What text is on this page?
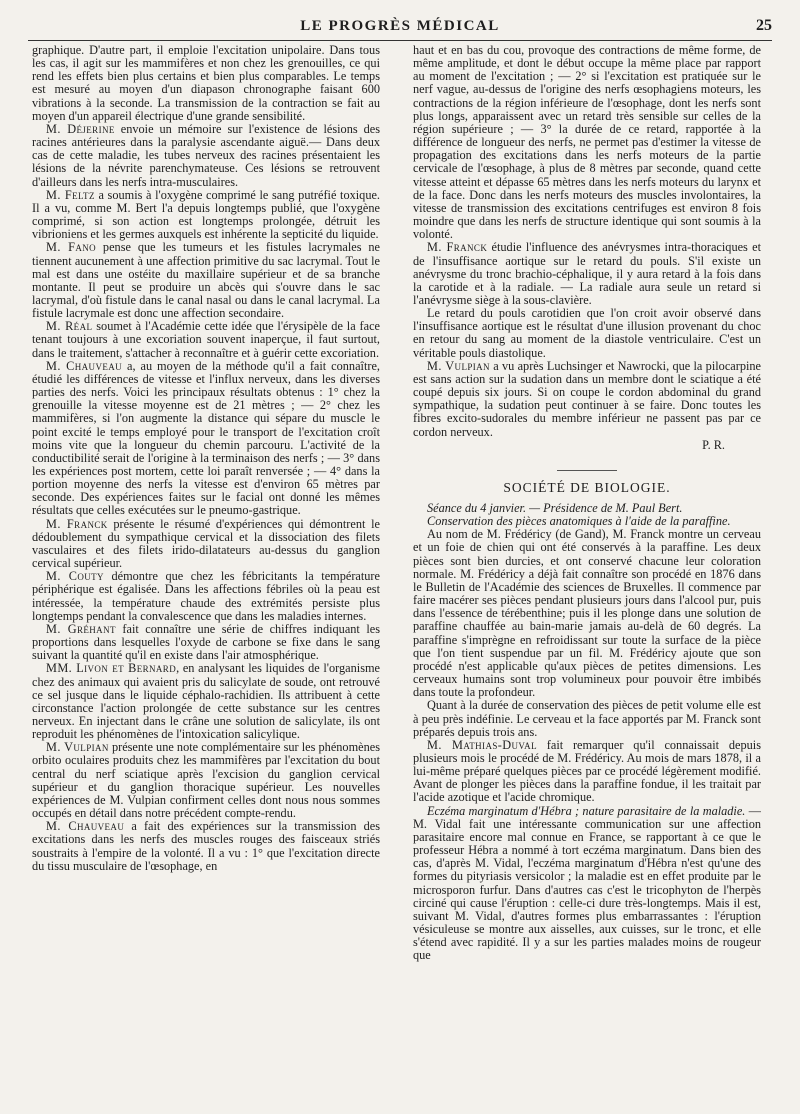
LE PROGRÈS MÉDICAL	25

graphique. D'autre part, il emploie l'excitation unipolaire. Dans tous les cas, il agit sur les mammifères et non chez les grenouilles, ce qui rend les effets bien plus certains et bien plus comparables. Le temps est mesuré au moyen d'un diapason chronographe faisant 600 vibrations à la seconde. La transmission de la contraction se fait au moyen d'un appareil électrique d'une grande sensibilité.

M. Déjerine envoie un mémoire sur l'existence de lésions des racines antérieures dans la paralysie ascendante aiguë.— Dans deux cas de cette maladie, les tubes nerveux des racines présentaient les lésions de la névrite parenchymateuse. Ces lésions se retrouvent d'ailleurs dans les nerfs intra-musculaires.

M. Feltz a soumis à l'oxygène comprimé le sang putréfié toxique. Il a vu, comme M. Bert l'a depuis longtemps publié, que l'oxygène comprimé, si son action est longtemps prolongée, détruit les vibrioniens et les germes auxquels est inhérente la septicité du liquide.

M. Fano pense que les tumeurs et les fistules lacrymales ne tiennent aucunement à une affection primitive du sac lacrymal. Tout le mal est dans une ostéite du maxillaire supérieur et de sa branche montante. Il peut se produire un abcès qui s'ouvre dans le sac lacrymal, d'où fistule dans le canal nasal ou dans le canal lacrymal. La fistule lacrymale est donc une affection secondaire.

M. Réal soumet à l'Académie cette idée que l'érysipèle de la face tenant toujours à une excoriation souvent inaperçue, il faut surtout, dans le traitement, s'attacher à reconnaître et à guérir cette excoriation.

M. Chauveau a, au moyen de la méthode qu'il a fait connaître, étudié les différences de vitesse et l'influx nerveux, dans les diverses parties des nerfs. Voici les principaux résultats obtenus : 1° chez la grenouille la vitesse moyenne est de 21 mètres ; — 2° chez les mammifères, si l'on augmente la distance qui sépare du muscle le point excité le temps employé pour le transport de l'excitation croît moins vite que la longueur du chemin parcouru. L'activité de la conductibilité serait de l'origine à la terminaison des nerfs ; — 3° dans les expériences post mortem, cette loi paraît renversée ; — 4° dans la portion moyenne des nerfs la vitesse est d'environ 65 mètres par seconde. Des expériences faites sur le facial ont donné les mêmes résultats que celles exécutées sur le pneumo-gastrique.

M. Franck présente le résumé d'expériences qui démontrent le dédoublement du sympathique cervical et la dissociation des filets vasculaires et des filets irido-dilatateurs au-dessus du ganglion cervical supérieur.

M. Couty démontre que chez les fébricitants la température périphérique est égalisée. Dans les affections fébriles où la peau est intéressée, la température chaude des extrémités persiste plus longtemps pendant la convalescence que dans les maladies internes.

M. Gréhant fait connaître une série de chiffres indiquant les proportions dans lesquelles l'oxyde de carbone se fixe dans le sang suivant la quantité qu'il en existe dans l'air atmosphérique.

MM. Livon et Bernard, en analysant les liquides de l'organisme chez des animaux qui avaient pris du salicylate de soude, ont retrouvé ce sel jusque dans le liquide céphalo-rachidien. Ils attribuent à cette circonstance l'action prolongée de cette substance sur les centres nerveux. En injectant dans le crâne une solution de salicylate, ils ont reproduit les phénomènes de l'intoxication salicylique.

M. Vulpian présente une note complémentaire sur les phénomènes orbito oculaires produits chez les mammifères par l'excitation du bout central du nerf sciatique après l'excision du ganglion cervical supérieur et du ganglion thoracique supérieur. Les nouvelles expériences de M. Vulpian confirment celles dont nous nous sommes occupés en détail dans notre précédent compte-rendu.

M. Chauveau a fait des expériences sur la transmission des excitations dans les nerfs des muscles rouges des faisceaux striés soustraits à l'empire de la volonté. Il a vu : 1° que l'excitation directe du tissu musculaire de l'œsophage, en

haut et en bas du cou, provoque des contractions de même forme, de même amplitude, et dont le début occupe la même place par rapport au moment de l'excitation ; — 2° si l'excitation est pratiquée sur le nerf vague, au-dessus de l'origine des nerfs œsophagiens moteurs, les contractions de la région inférieure de l'œsophage, dont les nerfs sont plus longs, apparaissent avec un retard très sensible sur celles de la région supérieure ; — 3° la durée de ce retard, rapportée à la différence de longueur des nerfs, ne permet pas d'estimer la vitesse de propagation des excitations dans les nerfs moteurs de la partie cervicale de l'œsophage, à plus de 8 mètres par seconde, quand cette vitesse atteint et dépasse 65 mètres dans les nerfs moteurs du larynx et de la face. Donc dans les nerfs moteurs des muscles involontaires, la vitesse de transmission des excitations centrifuges est environ 8 fois moindre que dans les nerfs de structure identique qui sont soumis à la volonté.

M. Franck étudie l'influence des anévrysmes intra-thoraciques et de l'insuffisance aortique sur le retard du pouls. S'il existe un anévrysme du tronc brachio-céphalique, il y aura retard à la fois dans la carotide et à la radiale. — La radiale aura seule un retard si l'anévrysme siège à la sous-clavière.

Le retard du pouls carotidien que l'on croit avoir observé dans l'insuffisance aortique est le résultat d'une illusion provenant du choc en retour du sang au moment de la diastole ventriculaire. C'est un véritable pouls diastolique.

M. Vulpian a vu après Luchsinger et Nawrocki, que la pilocarpine est sans action sur la sudation dans un membre dont le sciatique a été coupé depuis six jours. Si on coupe le cordon abdominal du grand sympathique, la sudation peut continuer à se faire. Donc toutes les fibres excito-sudorales du membre inférieur ne passent pas par ce cordon nerveux.

P. R.

SOCIÉTÉ DE BIOLOGIE.

Séance du 4 janvier. — Présidence de M. Paul Bert.

Conservation des pièces anatomiques à l'aide de la paraffine.

Au nom de M. Frédéricy (de Gand), M. Franck montre un cerveau et un foie de chien qui ont été conservés à la paraffine. Les deux pièces sont bien durcies, et ont conservé chacune leur coloration normale. M. Frédéricy a déjà fait connaître son procédé en 1876 dans le Bulletin de l'Académie des sciences de Bruxelles. Il commence par faire macérer ses pièces pendant plusieurs jours dans l'alcool pur, puis dans l'essence de térébenthine; puis il les plonge dans une solution de paraffine chauffée au bain-marie jamais au-delà de 60 degrés. La paraffine s'imprègne en refroidissant sur toute la surface de la pièce que l'on tient suspendue par un fil. M. Frédéricy ajoute que son procédé n'est applicable qu'aux pièces de petites dimensions. Les cerveaux humains sont trop volumineux pour pouvoir être imbibés dans toute la profondeur.

Quant à la durée de conservation des pièces de petit volume elle est à peu près indéfinie. Le cerveau et la face apportés par M. Franck sont préparés depuis trois ans.

M. Mathias-Duval fait remarquer qu'il connaissait depuis plusieurs mois le procédé de M. Frédéricy. Au mois de mars 1878, il a lui-même préparé quelques pièces par ce procédé légèrement modifié. Avant de plonger les pièces dans la paraffine fondue, il les traitait par l'acide azotique et l'acide chromique.

Eczéma marginatum d'Hébra ; nature parasitaire de la maladie. — M. Vidal fait une intéressante communication sur une affection parasitaire encore mal connue en France, se rapportant à ce que le professeur Hébra a nommé à tort eczéma marginatum. Dans bien des cas, d'après M. Vidal, l'eczéma marginatum d'Hébra n'est qu'une des formes du pityriasis versicolor ; la maladie est en effet produite par le microsporon furfur. Dans d'autres cas c'est le tricophyton de l'herpès circiné qui cause l'éruption : celle-ci dure très-longtemps. Mais il est, suivant M. Vidal, d'autres formes plus embarrassantes : l'éruption vésiculeuse se montre aux aisselles, aux cuisses, sur le tronc, et elle s'étend avec rapidité. Il y a sur les parties malades moins de rougeur que
